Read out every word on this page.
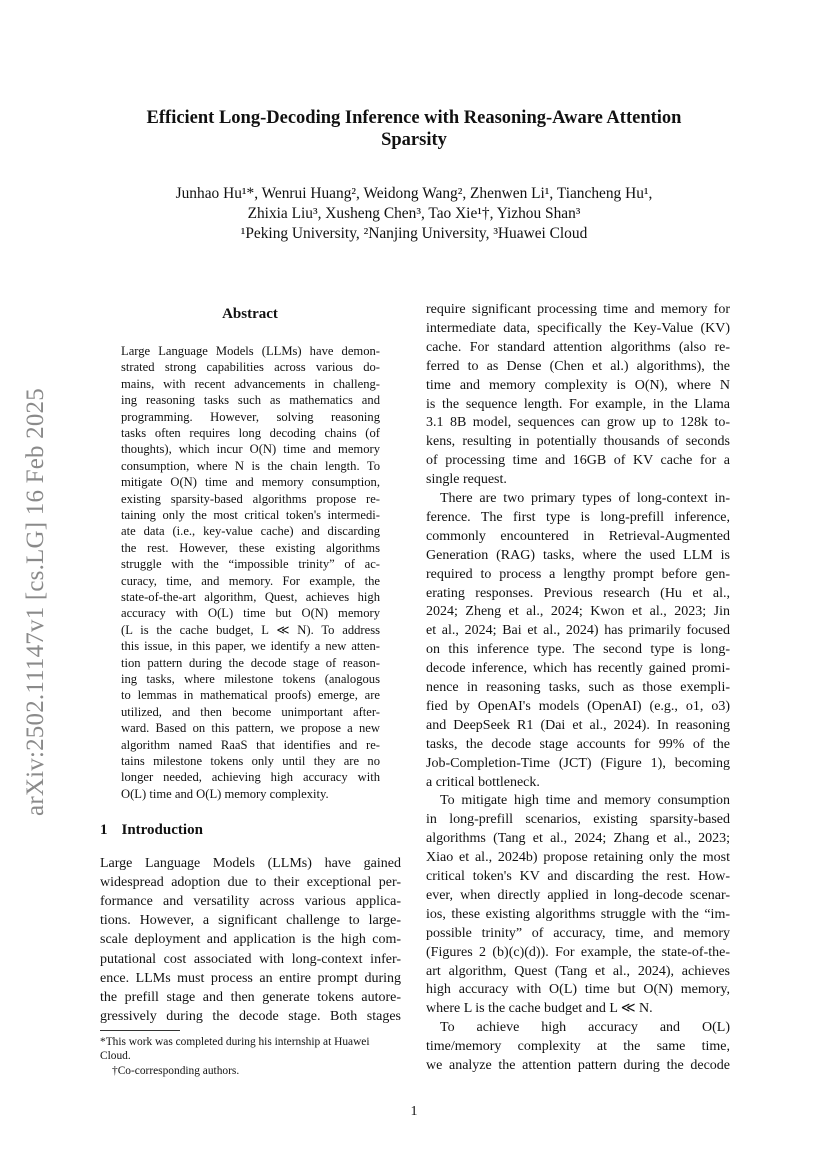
arXiv:2502.11147v1 [cs.LG] 16 Feb 2025
Efficient Long-Decoding Inference with Reasoning-Aware Attention
Sparsity
Junhao Hu¹*, Wenrui Huang², Weidong Wang², Zhenwen Li¹, Tiancheng Hu¹,
Zhixia Liu³, Xusheng Chen³, Tao Xie¹†, Yizhou Shan³
¹Peking University, ²Nanjing University, ³Huawei Cloud
Abstract
Large Language Models (LLMs) have demon-
strated strong capabilities across various do-
mains, with recent advancements in challeng-
ing reasoning tasks such as mathematics and
programming. However, solving reasoning
tasks often requires long decoding chains (of
thoughts), which incur O(N) time and memory
consumption, where N is the chain length. To
mitigate O(N) time and memory consumption,
existing sparsity-based algorithms propose re-
taining only the most critical token's intermedi-
ate data (i.e., key-value cache) and discarding
the rest. However, these existing algorithms
struggle with the “impossible trinity” of ac-
curacy, time, and memory. For example, the
state-of-the-art algorithm, Quest, achieves high
accuracy with O(L) time but O(N) memory
(L is the cache budget, L ≪ N). To address
this issue, in this paper, we identify a new atten-
tion pattern during the decode stage of reason-
ing tasks, where milestone tokens (analogous
to lemmas in mathematical proofs) emerge, are
utilized, and then become unimportant after-
ward. Based on this pattern, we propose a new
algorithm named RaaS that identifies and re-
tains milestone tokens only until they are no
longer needed, achieving high accuracy with
O(L) time and O(L) memory complexity.
1 Introduction
Large Language Models (LLMs) have gained
widespread adoption due to their exceptional per-
formance and versatility across various applica-
tions. However, a significant challenge to large-
scale deployment and application is the high com-
putational cost associated with long-context infer-
ence. LLMs must process an entire prompt during
the prefill stage and then generate tokens autore-
gressively during the decode stage. Both stages
*This work was completed during his internship at Huawei
Cloud.
†Co-corresponding authors.
require significant processing time and memory for
intermediate data, specifically the Key-Value (KV)
cache. For standard attention algorithms (also re-
ferred to as Dense (Chen et al.) algorithms), the
time and memory complexity is O(N), where N
is the sequence length. For example, in the Llama
3.1 8B model, sequences can grow up to 128k to-
kens, resulting in potentially thousands of seconds
of processing time and 16GB of KV cache for a
single request.
There are two primary types of long-context in-
ference. The first type is long-prefill inference,
commonly encountered in Retrieval-Augmented
Generation (RAG) tasks, where the used LLM is
required to process a lengthy prompt before gen-
erating responses. Previous research (Hu et al.,
2024; Zheng et al., 2024; Kwon et al., 2023; Jin
et al., 2024; Bai et al., 2024) has primarily focused
on this inference type. The second type is long-
decode inference, which has recently gained promi-
nence in reasoning tasks, such as those exempli-
fied by OpenAI's models (OpenAI) (e.g., o1, o3)
and DeepSeek R1 (Dai et al., 2024). In reasoning
tasks, the decode stage accounts for 99% of the
Job-Completion-Time (JCT) (Figure 1), becoming
a critical bottleneck.
To mitigate high time and memory consumption
in long-prefill scenarios, existing sparsity-based
algorithms (Tang et al., 2024; Zhang et al., 2023;
Xiao et al., 2024b) propose retaining only the most
critical token's KV and discarding the rest. How-
ever, when directly applied in long-decode scenar-
ios, these existing algorithms struggle with the “im-
possible trinity” of accuracy, time, and memory
(Figures 2 (b)(c)(d)). For example, the state-of-the-
art algorithm, Quest (Tang et al., 2024), achieves
high accuracy with O(L) time but O(N) memory,
where L is the cache budget and L ≪ N.
To achieve high accuracy and O(L)
time/memory complexity at the same time,
we analyze the attention pattern during the decode
1
